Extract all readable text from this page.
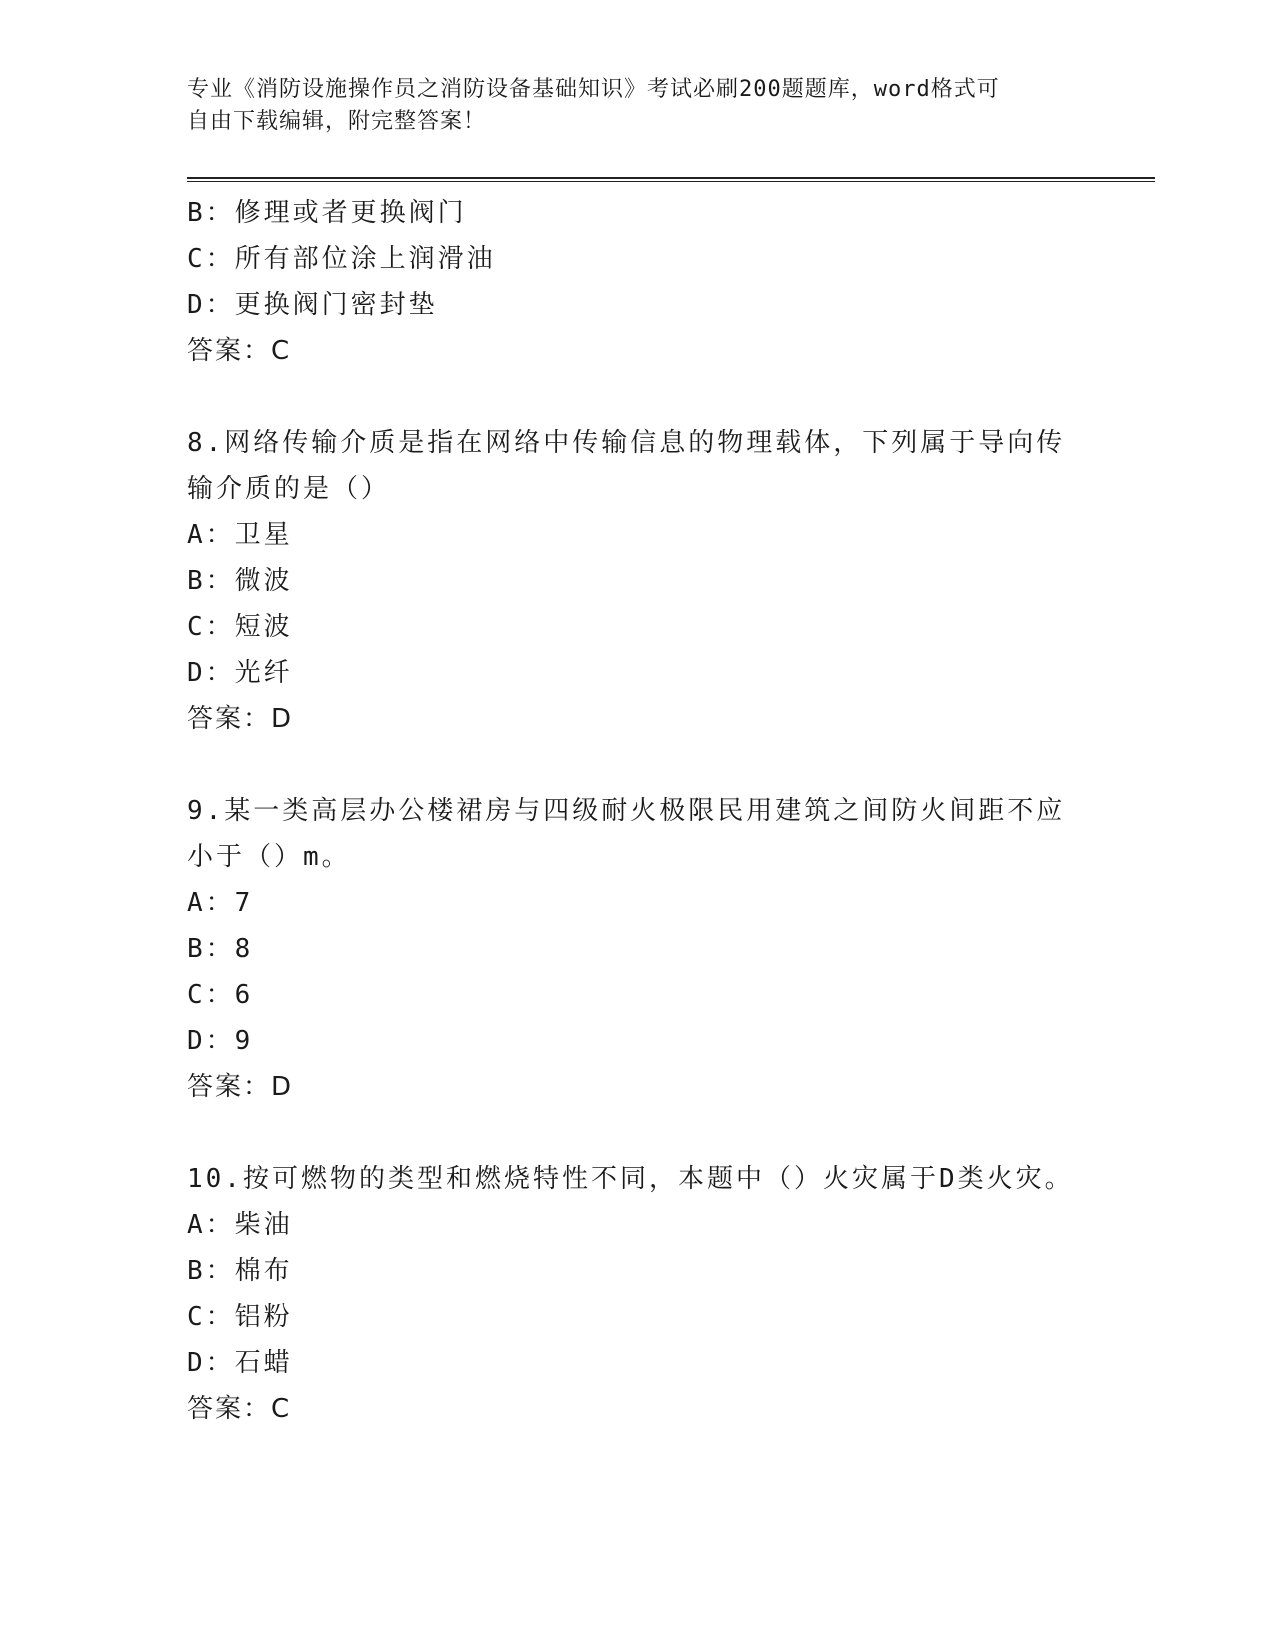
专业《消防设施操作员之消防设备基础知识》考试必刷200题题库，word格式可
自由下载编辑，附完整答案！
B：修理或者更换阀门
C：所有部位涂上润滑油
D：更换阀门密封垫
答案：C
8.网络传输介质是指在网络中传输信息的物理载体，下列属于导向传
输介质的是（）
A：卫星
B：微波
C：短波
D：光纤
答案：D
9.某一类高层办公楼裙房与四级耐火极限民用建筑之间防火间距不应
小于（）m。
A：7
B：8
C：6
D：9
答案：D
10.按可燃物的类型和燃烧特性不同，本题中（）火灾属于D类火灾。
A：柴油
B：棉布
C：铝粉
D：石蜡
答案：C
